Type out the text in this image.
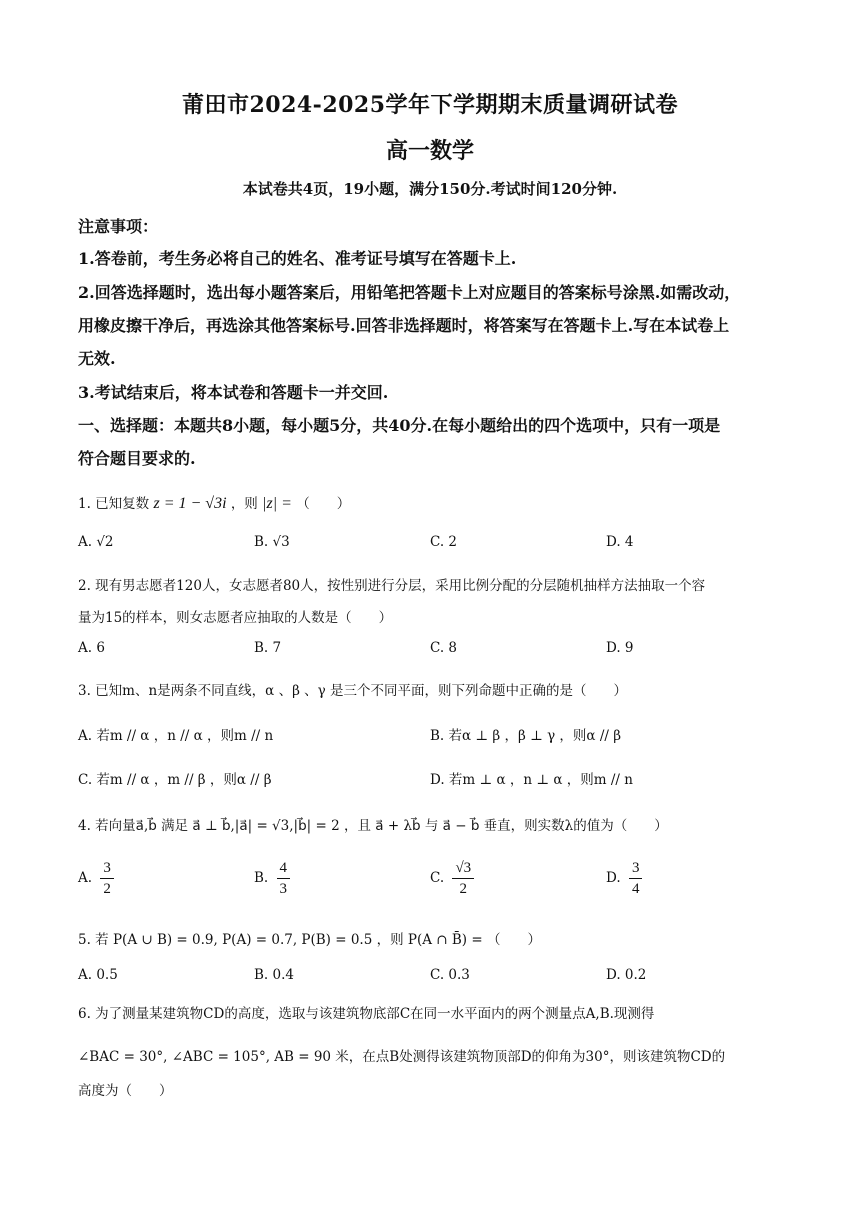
莆田市2024-2025学年下学期期末质量调研试卷
高一数学
本试卷共4页，19小题，满分150分.考试时间120分钟.
注意事项：
1.答卷前，考生务必将自己的姓名、准考证号填写在答题卡上.
2.回答选择题时，选出每小题答案后，用铅笔把答题卡上对应题目的答案标号涂黑.如需改动，
用橡皮擦干净后，再选涂其他答案标号.回答非选择题时，将答案写在答题卡上.写在本试卷上
无效.
3.考试结束后，将本试卷和答题卡一并交回.
一、选择题：本题共8小题，每小题5分，共40分.在每小题给出的四个选项中，只有一项是
符合题目要求的.
1. 已知复数 z = 1 − √3i ，则 |z| = （　　）
A. √2	B. √3	C. 2	D. 4
2. 现有男志愿者120人，女志愿者80人，按性别进行分层，采用比例分配的分层随机抽样方法抽取一个容
量为15的样本，则女志愿者应抽取的人数是（　　）
A. 6	B. 7	C. 8	D. 9
3. 已知m、n是两条不同直线，α 、β 、γ 是三个不同平面，则下列命题中正确的是（　　）
A. 若m // α ，n // α ，则m // n	B. 若α ⊥ β ，β ⊥ γ ，则α // β
C. 若m // α ，m // β ，则α // β	D. 若m ⊥ α ，n ⊥ α ，则m // n
4. 若向量a⃗,b⃗ 满足 a⃗ ⊥ b⃗,|a⃗| = √3,|b⃗| = 2 ，且 a⃗ + λb⃗ 与 a⃗ − b⃗ 垂直，则实数λ的值为（　　）
A. $\frac{3}{2}$	B. $\frac{4}{3}$	C. $\frac{√3}{2}$	D. $\frac{3}{4}$
5. 若 P(A ∪ B) = 0.9, P(A) = 0.7, P(B) = 0.5 ，则 P(A ∩ B̄) = （　　）
A. 0.5	B. 0.4	C. 0.3	D. 0.2
6. 为了测量某建筑物CD的高度，选取与该建筑物底部C在同一水平面内的两个测量点A,B.现测得
∠BAC = 30°, ∠ABC = 105°, AB = 90 米，在点B处测得该建筑物顶部D的仰角为30°，则该建筑物CD的
高度为（　　）
